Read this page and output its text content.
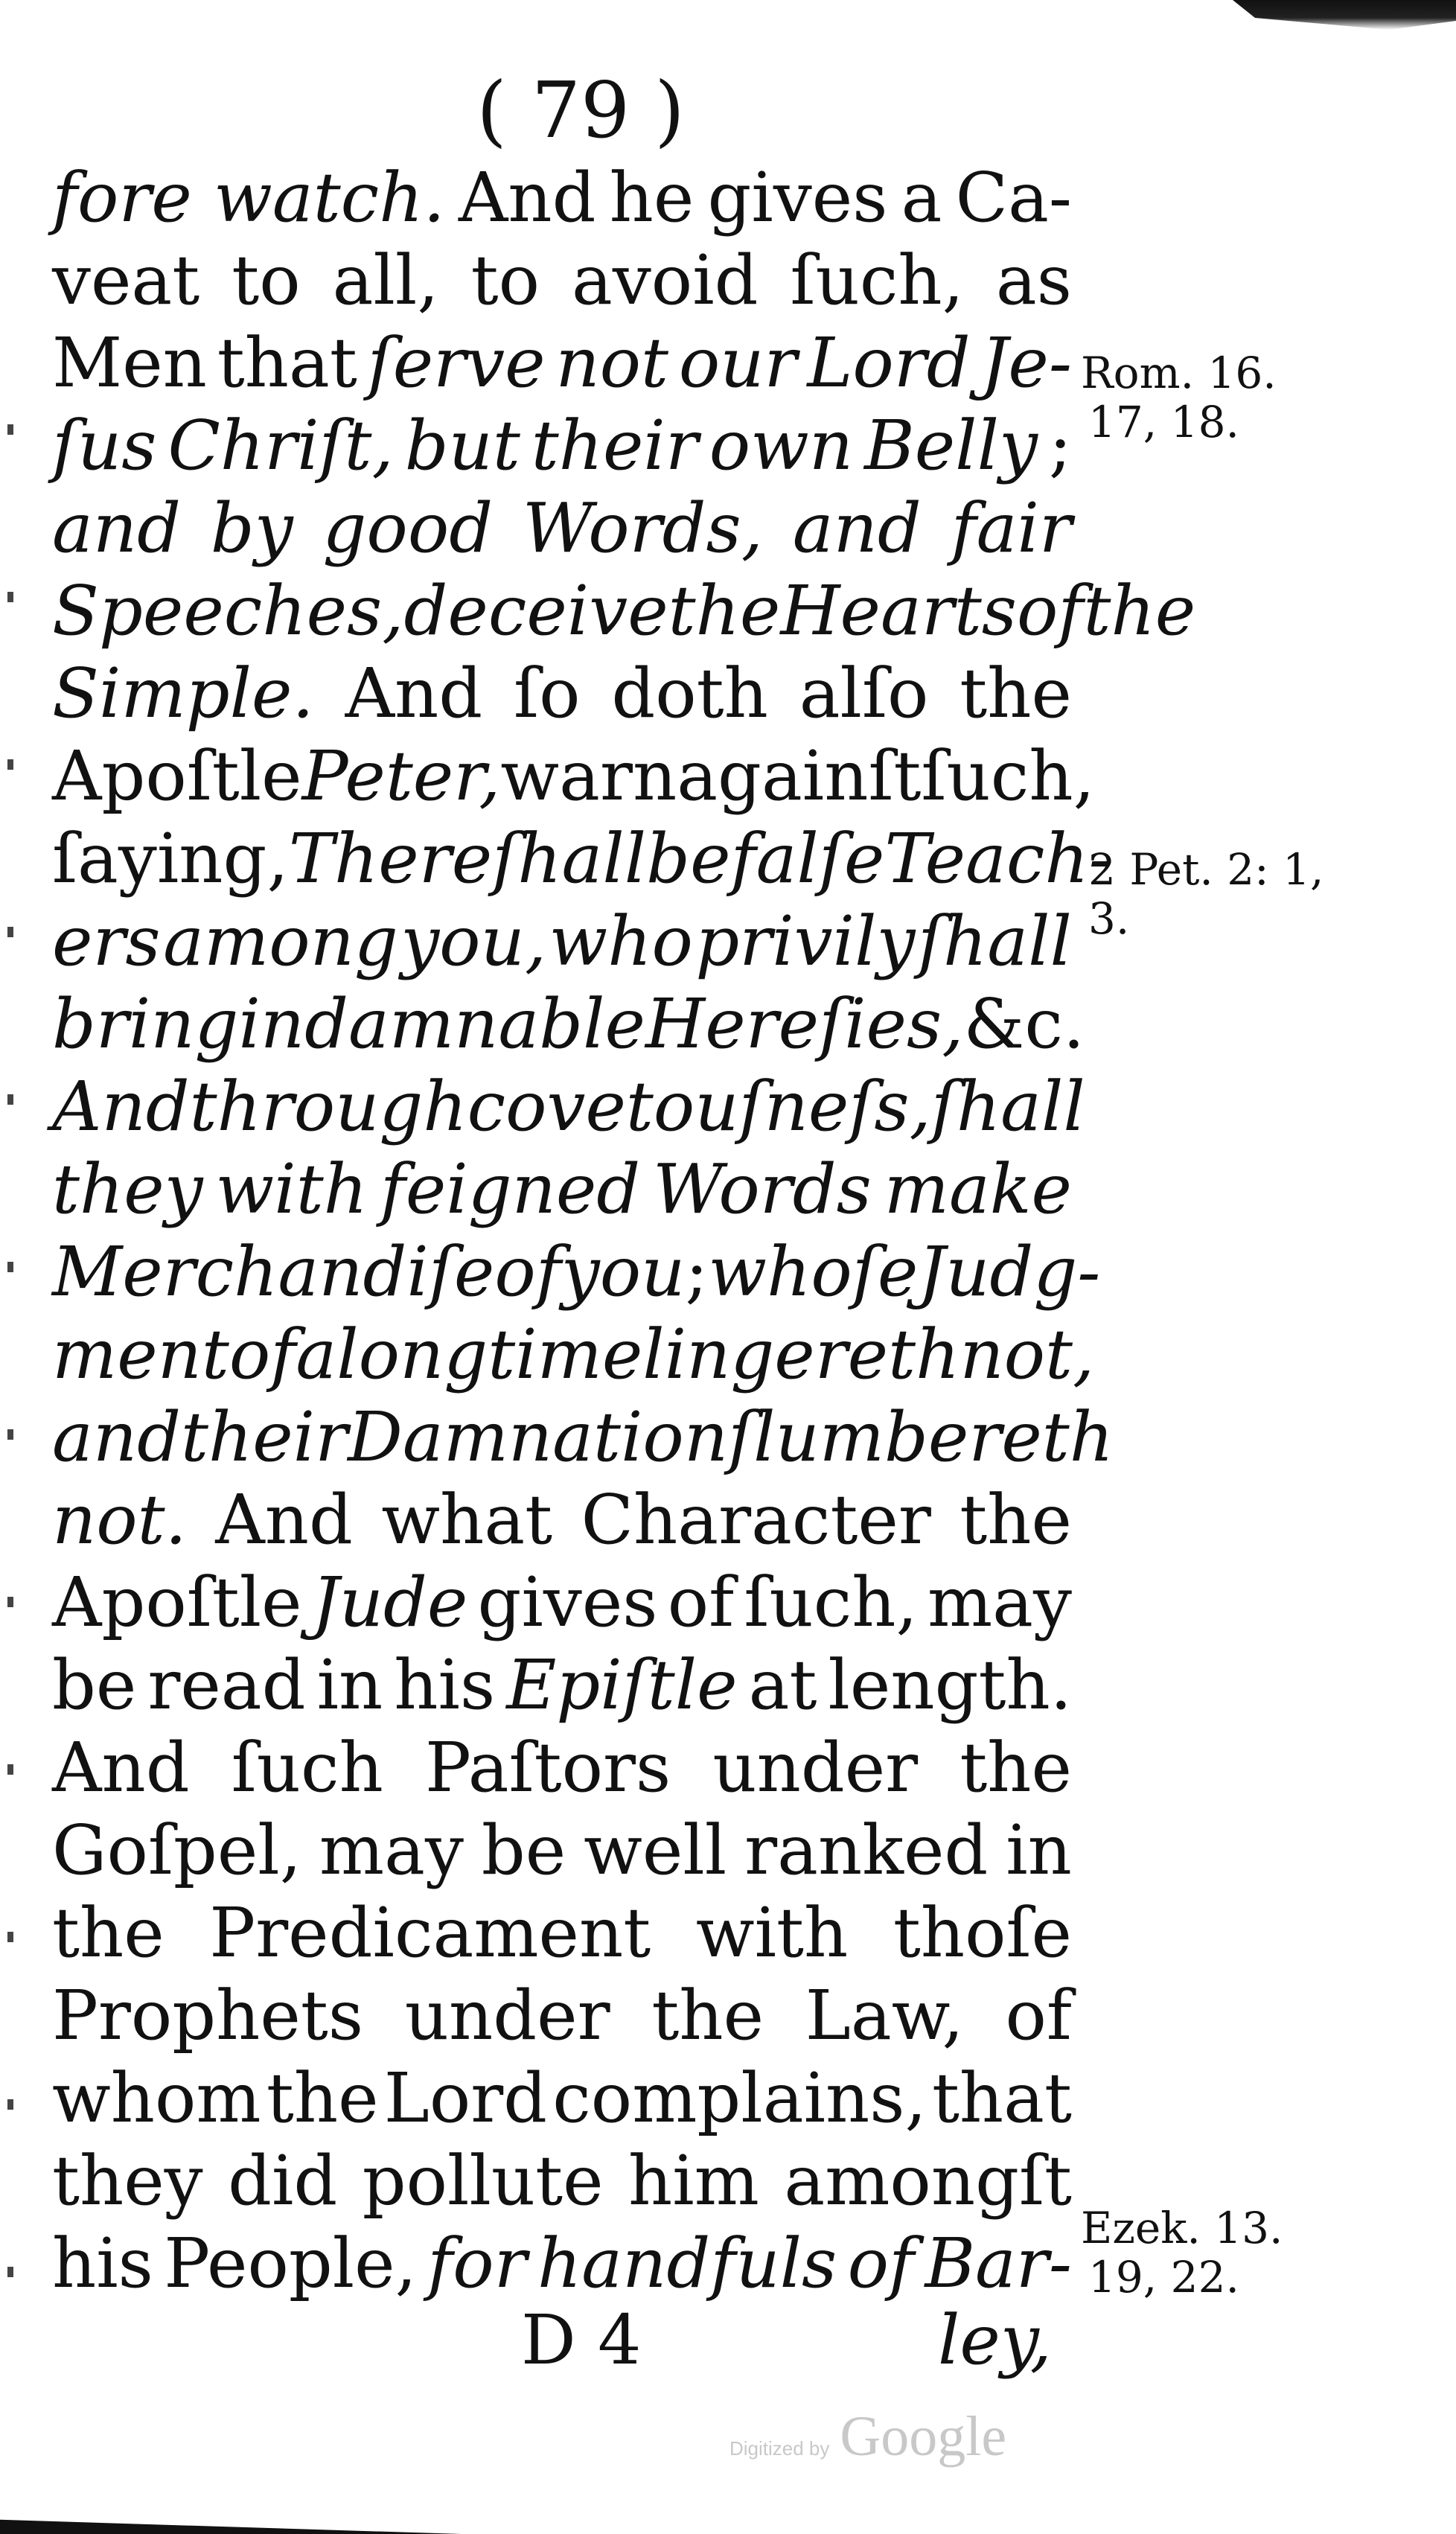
( 79 )
fore watch. And he gives a Ca-
veat to all, to avoid ſuch, as
Men that ſerve not our Lord Je-
ſus Chriſt, but their own Belly ;
and by good Words, and fair
Speeches, deceive the Hearts of the
Simple. And ſo doth alſo the
Apoſtle Peter, warn againſt ſuch,
ſaying, There ſhall be falſe Teach-
ers among you, who privily ſhall
bring in damnable Hereſies, &c.
And through covetouſneſs, ſhall
they with feigned Words make
Merchandiſe of you ; whoſe Judg-
ment of a long time lingereth not,
and their Damnation ſlumbereth
not. And what Character the
Apoſtle Jude gives of ſuch, may
be read in his Epiſtle at length.
And ſuch Paſtors under the
Goſpel, may be well ranked in
the Predicament with thoſe
Prophets under the Law, of
whom the Lord complains, that
they did pollute him amongſt
his People, for handfuls of Bar-
Rom. 16.
17, 18.
2 Pet. 2: 1,
3.
Ezek. 13.
19, 22.
D 4	ley,
Digitized by Google
